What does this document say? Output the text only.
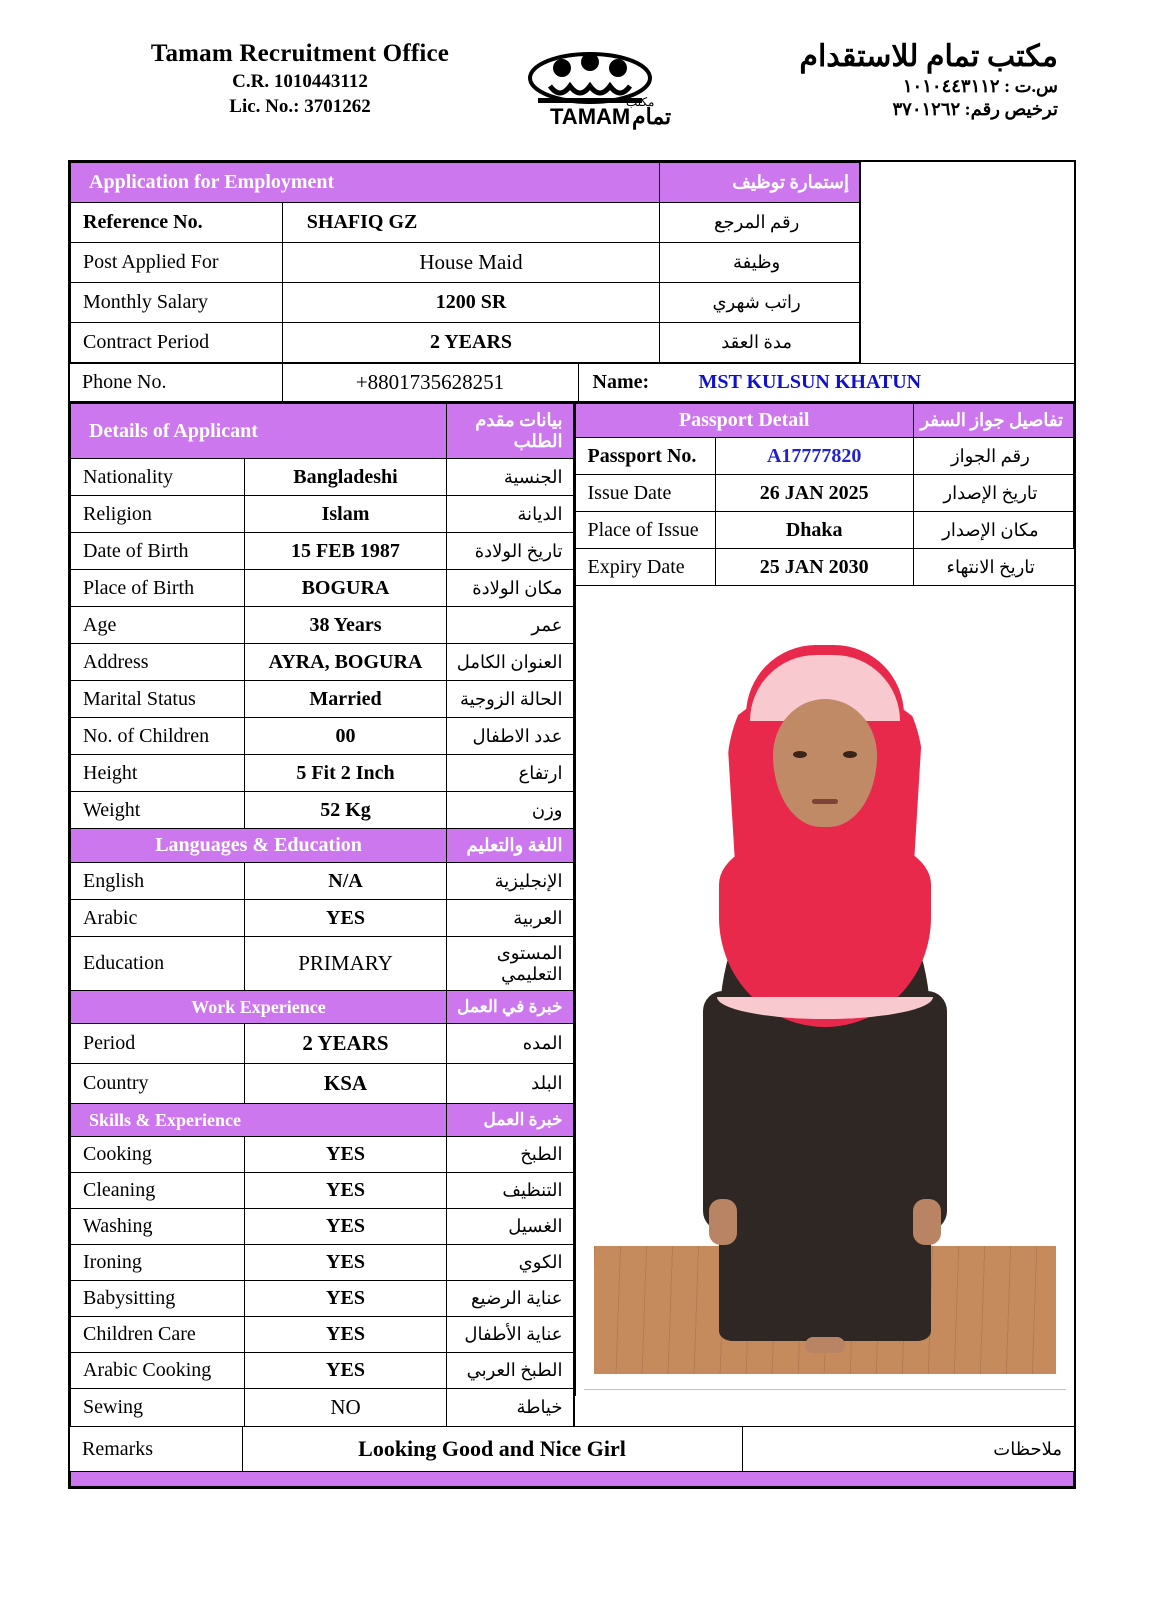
Tamam Recruitment Office
C.R. 1010443112
Lic. No.: 3701262	TAMAM تمام
مكتب
مكتب تمام للاستقدام
س.ت : ١٠١٠٤٤٣١١٢
ترخيص رقم: ٣٧٠١٢٦٢
Application for Employment	إستمارة توظيف
Reference No.	SHAFIQ GZ	رقم المرجع
Post Applied For	House Maid	وظيفة
Monthly Salary	1200 SR	راتب شهري
Contract Period	2 YEARS	مدة العقد

Phone No.	+8801735628251		Name:	MST KULSUN KHATUN
Details of Applicant	بيانات مقدم الطلب
Nationality	Bangladeshi	الجنسية
Religion	Islam	الديانة
Date of Birth	15 FEB 1987	تاريخ الولادة
Place of Birth	BOGURA	مكان الولادة
Age	38 Years	عمر
Address	AYRA, BOGURA	العنوان الكامل
Marital Status	Married	الحالة الزوجية
No. of Children	00	عدد الاطفال
Height	5 Fit 2 Inch	ارتفاع
Weight	52 Kg	وزن
Languages & Education	اللغة والتعليم
English	N/A	الإنجليزية
Arabic	YES	العربية
Education	PRIMARY	المستوى التعليمي
Work Experience	خبرة في العمل
Period	2 YEARS	المده
Country	KSA	البلد
Skills & Experience	خبرة العمل
Cooking	YES	الطبخ
Cleaning	YES	التنظيف
Washing	YES	الغسيل
Ironing	YES	الكوي
Babysitting	YES	عناية الرضيع
Children Care	YES	عناية الأطفال
Arabic Cooking	YES	الطبخ العربي
Sewing	NO	خياطة

Passport Detail	تفاصيل جواز السفر
Passport No.	A17777820	رقم الجواز
Issue Date	26 JAN 2025	تاريخ الإصدار
Place of Issue	Dhaka	مكان الإصدار
Expiry Date	25 JAN 2030	تاريخ الانتهاء

Remarks	Looking Good and Nice Girl	ملاحظات
